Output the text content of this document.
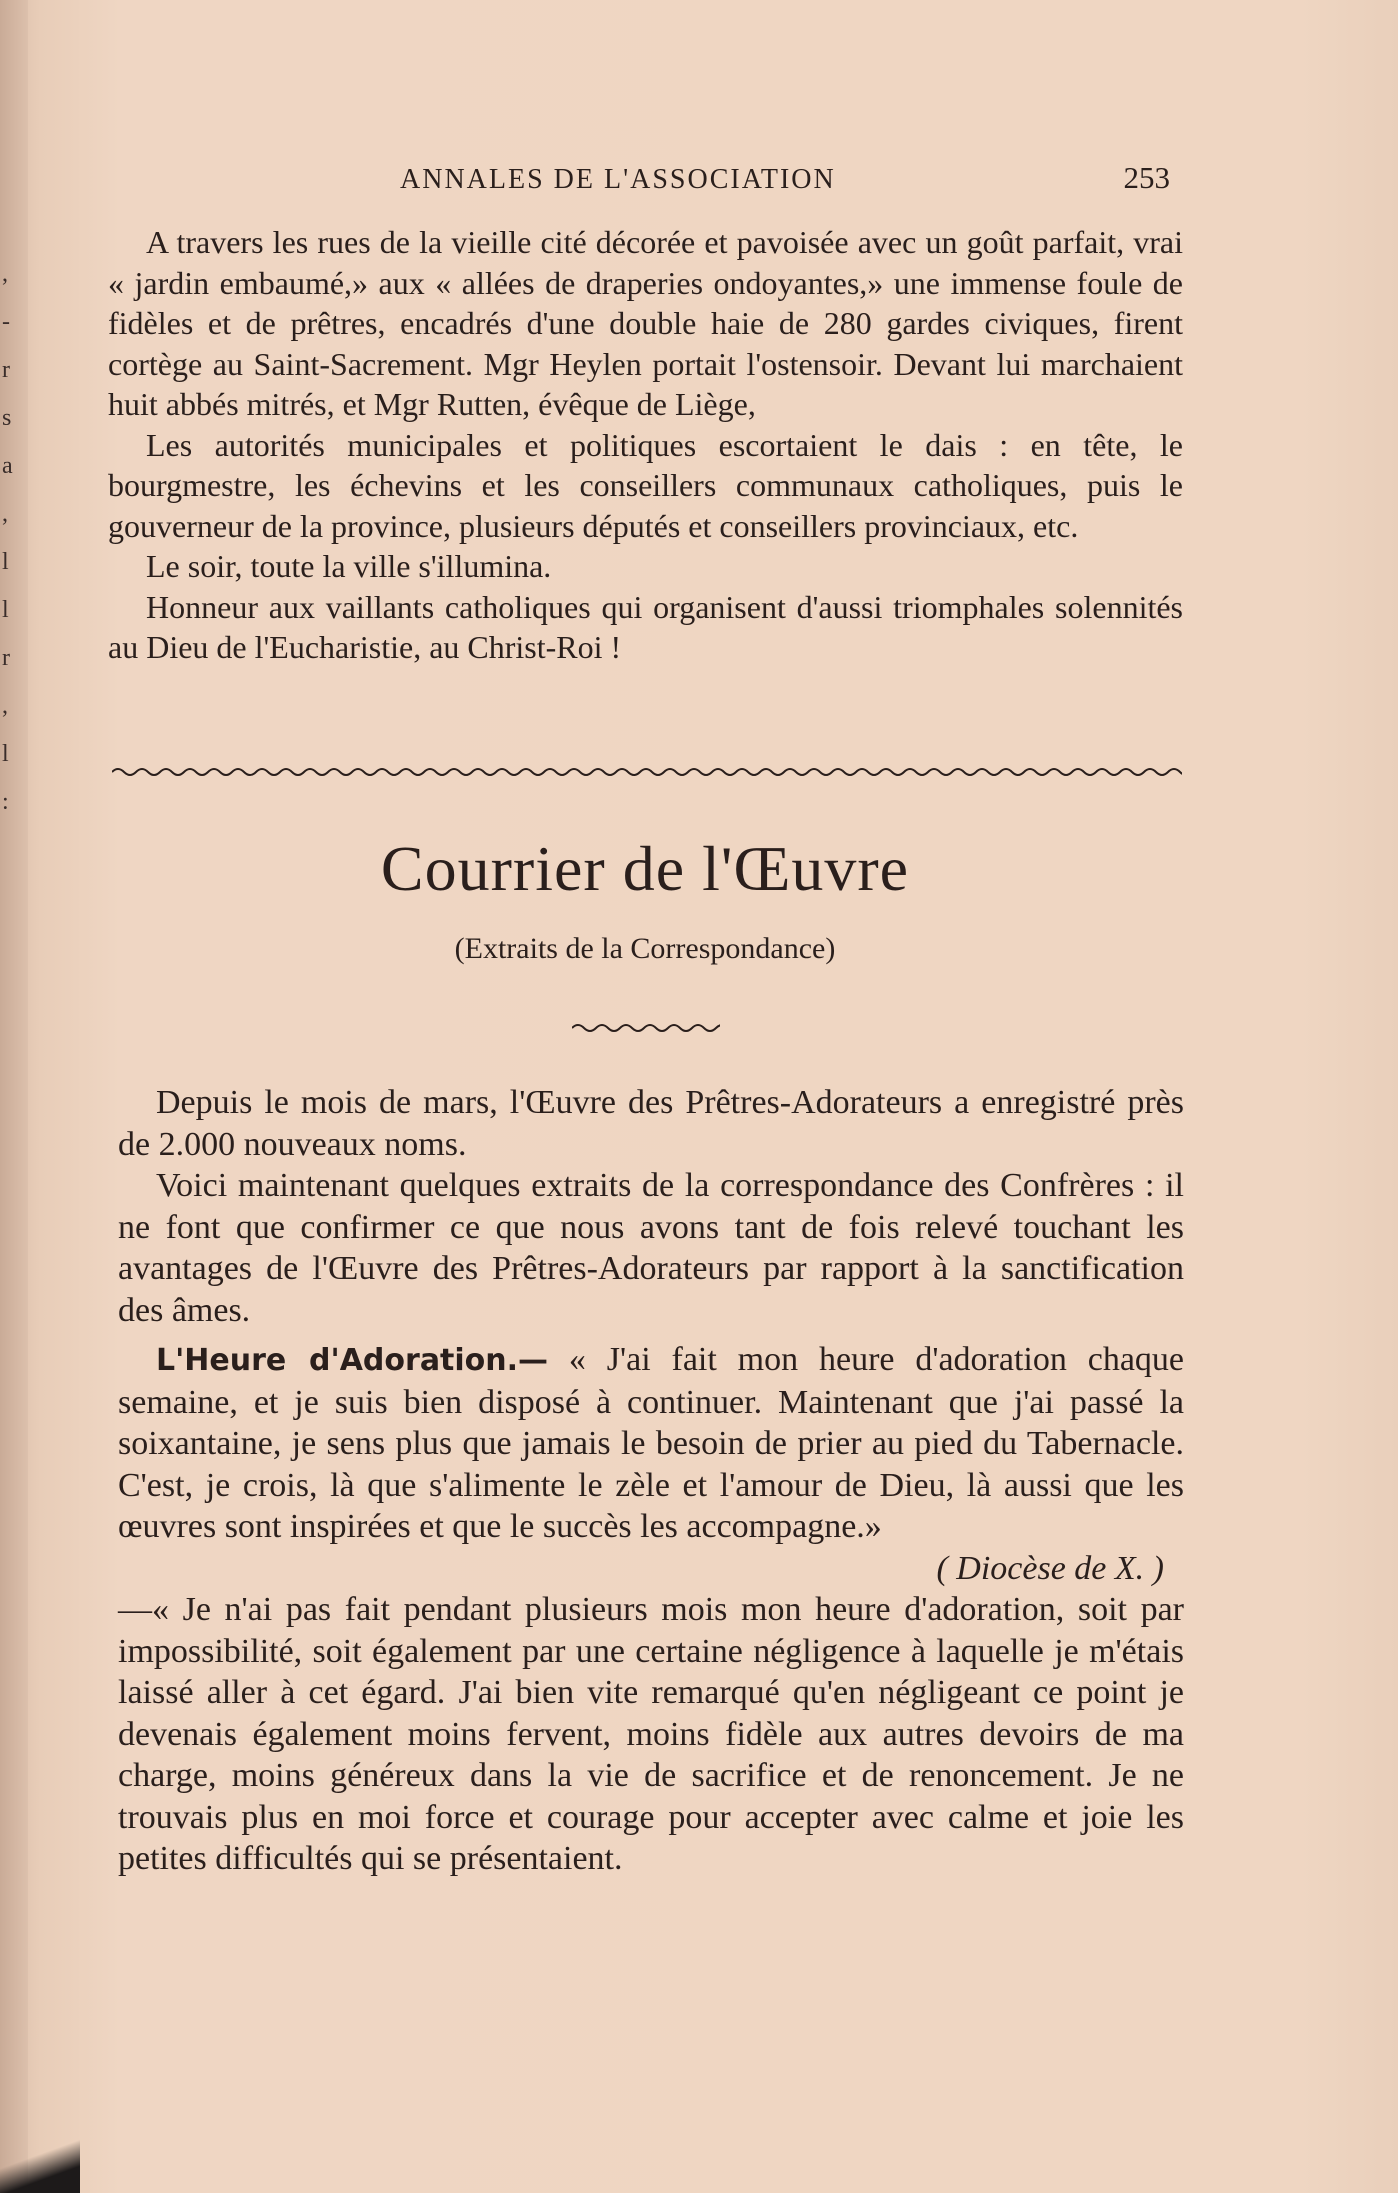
,
-
r
s
a
,
l
l
r
,
l
:
ANNALES DE L'ASSOCIATION	253

A travers les rues de la vieille cité décorée et pavoisée avec un goût parfait, vrai « jardin embaumé,» aux « allées de draperies ondoyantes,» une immense foule de fidèles et de prêtres, encadrés d'une double haie de 280 gardes civiques, firent cortège au Saint-Sacrement. Mgr Heylen portait l'ostensoir. Devant lui marchaient huit abbés mitrés, et Mgr Rutten, évêque de Liège,

Les autorités municipales et politiques escortaient le dais : en tête, le bourgmestre, les échevins et les conseillers communaux catholiques, puis le gouverneur de la province, plusieurs députés et conseillers provinciaux, etc.

Le soir, toute la ville s'illumina.

Honneur aux vaillants catholiques qui organisent d'aussi triomphales solennités au Dieu de l'Eucharistie, au Christ-Roi !

Courrier de l'Œuvre
(Extraits de la Correspondance)

Depuis le mois de mars, l'Œuvre des Prêtres-Adorateurs a enregistré près de 2.000 nouveaux noms.

Voici maintenant quelques extraits de la correspondance des Confrères : il ne font que confirmer ce que nous avons tant de fois relevé touchant les avantages de l'Œuvre des Prêtres-Adorateurs par rapport à la sanctification des âmes.

L'Heure d'Adoration.— « J'ai fait mon heure d'adoration chaque semaine, et je suis bien disposé à continuer. Maintenant que j'ai passé la soixantaine, je sens plus que jamais le besoin de prier au pied du Tabernacle. C'est, je crois, là que s'alimente le zèle et l'amour de Dieu, là aussi que les œuvres sont inspirées et que le succès les accompagne.»

( Diocèse de X. )

—« Je n'ai pas fait pendant plusieurs mois mon heure d'adoration, soit par impossibilité, soit également par une certaine négligence à laquelle je m'étais laissé aller à cet égard. J'ai bien vite remarqué qu'en négligeant ce point je devenais également moins fervent, moins fidèle aux autres devoirs de ma charge, moins généreux dans la vie de sacrifice et de renoncement. Je ne trouvais plus en moi force et courage pour accepter avec calme et joie les petites difficultés qui se présentaient.
